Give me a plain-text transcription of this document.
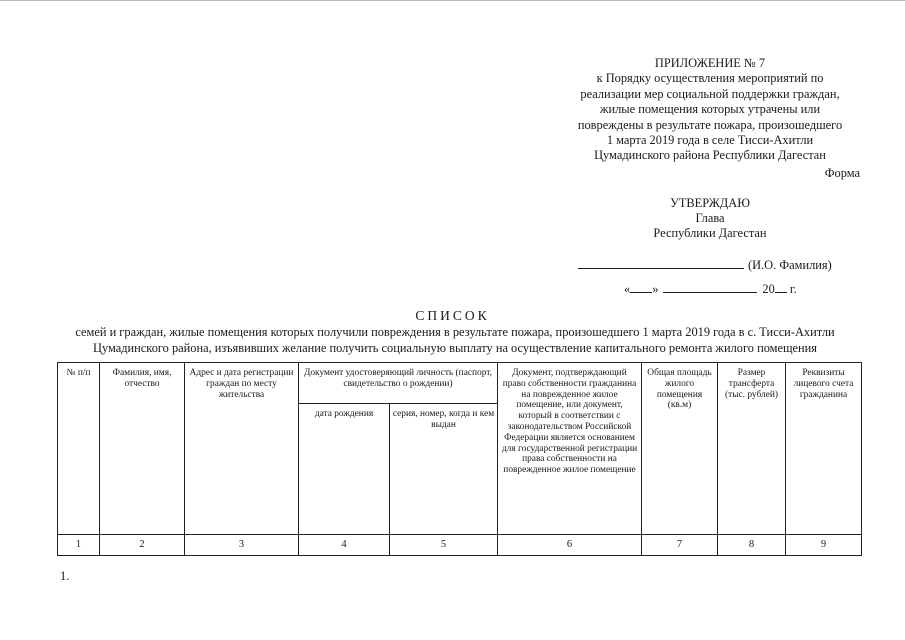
ПРИЛОЖЕНИЕ № 7
к Порядку осуществления мероприятий по
реализации мер социальной поддержки граждан,
жилые помещения которых утрачены или
повреждены в результате пожара, произошедшего
1 марта 2019 года в селе Тисси-Ахитли
Цумадинского района Республики Дагестан
Форма
УТВЕРЖДАЮ
Глава
Республики Дагестан
(И.О. Фамилия)
« »	20 г.
СПИСОК
семей и граждан, жилые помещения которых получили повреждения в результате пожара, произошедшего 1 марта 2019 года в с. Тисси-Ахитли
Цумадинского района, изъявивших желание получить социальную выплату на осуществление капитального ремонта жилого помещения
№ п/п	Фамилия, имя, отчество	Адрес и дата регистрации граждан по месту жительства	Документ удостоверяющий личность (паспорт, свидетельство о рождении)		Документ, подтверждающий право собственности гражданина на поврежденное жилое помещение, или документ, который в соответствии с законодательством Российской Федерации является основанием для государственной регистрации права собственности на поврежденное жилое помещение	Общая площадь жилого помещения (кв.м)	Размер трансферта (тыс. рублей)	Реквизиты лицевого счета гражданина
			дата рождения	серия, номер, когда и кем выдан				
1	2	3	4	5	6	7	8	9
1.
